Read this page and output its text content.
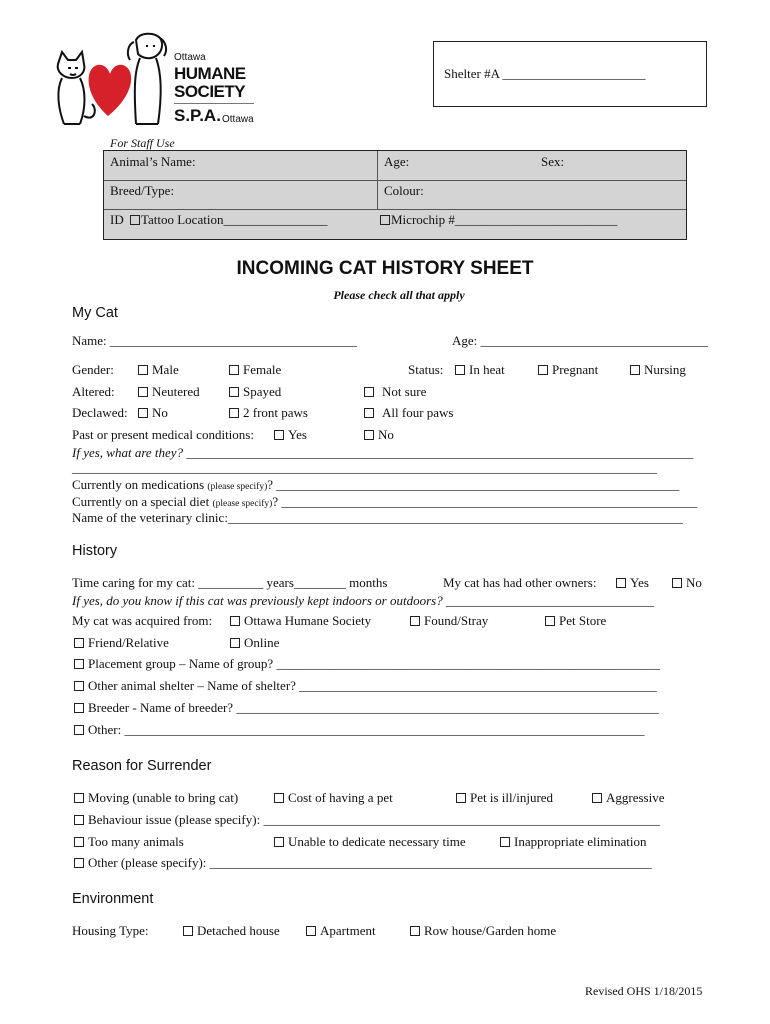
Ottawa
HUMANE
SOCIETY
S.P.A. Ottawa
Shelter #A ______________________
For Staff Use
Animal’s Name:	Age:	Sex:
Breed/Type:	Colour:
ID Tattoo Location________________	Microchip #_________________________
INCOMING CAT HISTORY SHEET
Please check all that apply
My Cat
Name: ______________________________________	Age: ___________________________________
Gender:	Male	Female	Status:	In heat	Pregnant	Nursing
Altered:	Neutered	Spayed	Not sure
Declawed:	No	2 front paws	All four paws
Past or present medical conditions:	Yes	No
If yes, what are they? ______________________________________________________________________________
__________________________________________________________________________________________
Currently on medications (please specify)? ______________________________________________________________
Currently on a special diet (please specify)? ________________________________________________________________
Name of the veterinary clinic:______________________________________________________________________
History
Time caring for my cat: __________ years________ months	My cat has had other owners:	Yes	No
If yes, do you know if this cat was previously kept indoors or outdoors? ________________________________
My cat was acquired from:	Ottawa Humane Society	Found/Stray	Pet Store
Friend/Relative	Online
Placement group – Name of group? ___________________________________________________________
Other animal shelter – Name of shelter? _______________________________________________________
Breeder - Name of breeder? _________________________________________________________________
Other: ________________________________________________________________________________
Reason for Surrender
Moving (unable to bring cat)	Cost of having a pet	Pet is ill/injured	Aggressive
Behaviour issue (please specify): _____________________________________________________________
Too many animals	Unable to dedicate necessary time	Inappropriate elimination
Other (please specify): ____________________________________________________________________
Environment
Housing Type:	Detached house	Apartment	Row house/Garden home
Revised OHS 1/18/2015
